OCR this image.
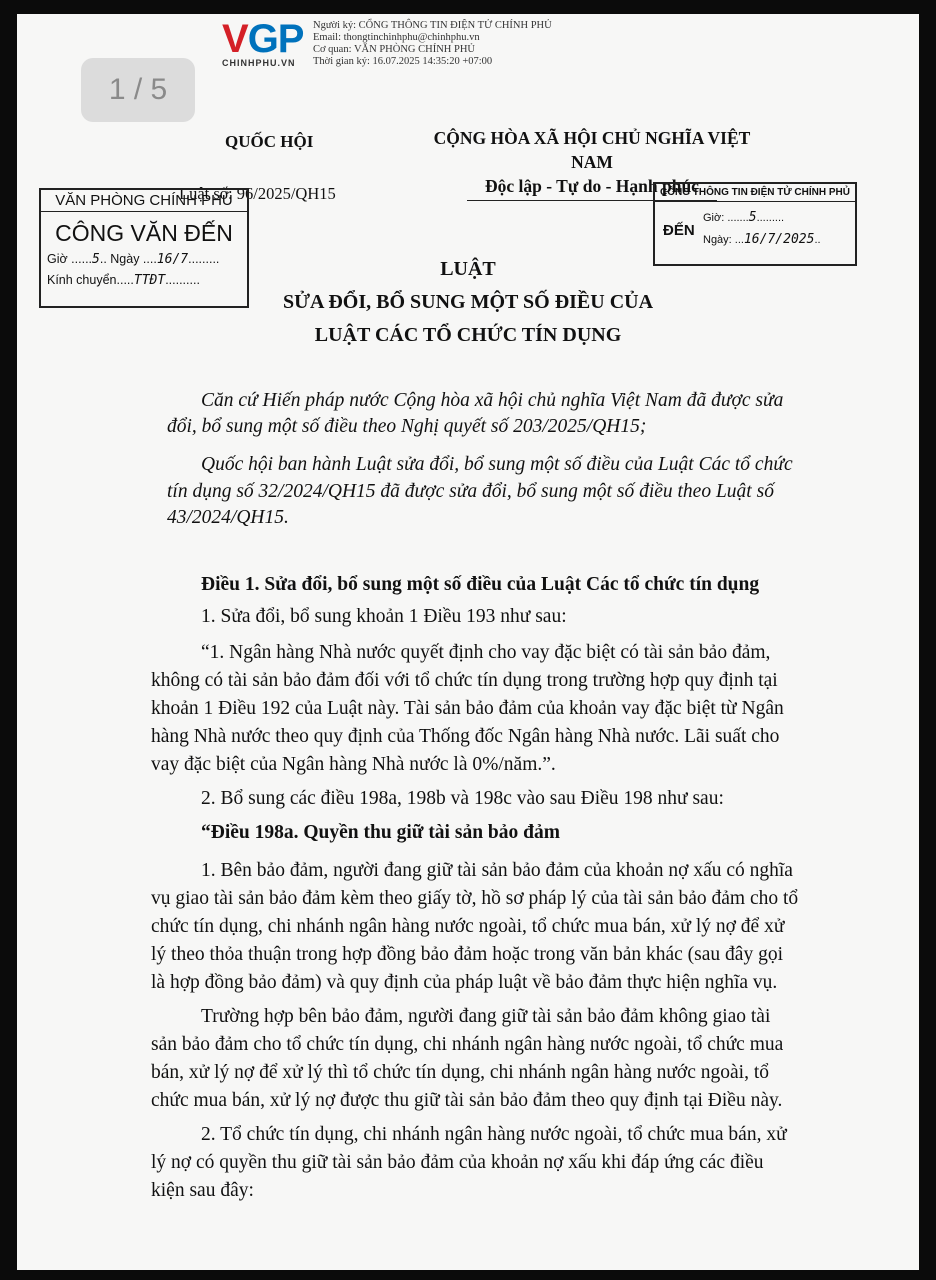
VGP
CHINHPHU.VN
Người ký: CỔNG THÔNG TIN ĐIỆN TỬ CHÍNH PHỦ
Email: thongtinchinhphu@chinhphu.vn
Cơ quan: VĂN PHÒNG CHÍNH PHỦ
Thời gian ký: 16.07.2025 14:35:20 +07:00
QUỐC HỘI	CỘNG HÒA XÃ HỘI CHỦ NGHĨA VIỆT NAM
Độc lập - Tự do - Hạnh phúc
Luật số: 96/2025/QH15
VĂN PHÒNG CHÍNH PHỦ
CÔNG VĂN ĐẾN
Giờ ......5.. Ngày ....16/7.........
Kính chuyển.....TTĐT..........
CỔNG THÔNG TIN ĐIỆN TỬ CHÍNH PHỦ
ĐẾN
Giờ: .......5.........
Ngày: ...16/7/2025..
LUẬT
SỬA ĐỔI, BỔ SUNG MỘT SỐ ĐIỀU CỦA
LUẬT CÁC TỔ CHỨC TÍN DỤNG
Căn cứ Hiến pháp nước Cộng hòa xã hội chủ nghĩa Việt Nam đã được sửa
đổi, bổ sung một số điều theo Nghị quyết số 203/2025/QH15;
Quốc hội ban hành Luật sửa đổi, bổ sung một số điều của Luật Các tổ chức
tín dụng số 32/2024/QH15 đã được sửa đổi, bổ sung một số điều theo Luật số
43/2024/QH15.
Điều 1. Sửa đổi, bổ sung một số điều của Luật Các tổ chức tín dụng
1. Sửa đổi, bổ sung khoản 1 Điều 193 như sau:
“1. Ngân hàng Nhà nước quyết định cho vay đặc biệt có tài sản bảo đảm,
không có tài sản bảo đảm đối với tổ chức tín dụng trong trường hợp quy định tại
khoản 1 Điều 192 của Luật này. Tài sản bảo đảm của khoản vay đặc biệt từ Ngân
hàng Nhà nước theo quy định của Thống đốc Ngân hàng Nhà nước. Lãi suất cho
vay đặc biệt của Ngân hàng Nhà nước là 0%/năm.”.
2. Bổ sung các điều 198a, 198b và 198c vào sau Điều 198 như sau:
“Điều 198a. Quyền thu giữ tài sản bảo đảm
1. Bên bảo đảm, người đang giữ tài sản bảo đảm của khoản nợ xấu có nghĩa
vụ giao tài sản bảo đảm kèm theo giấy tờ, hồ sơ pháp lý của tài sản bảo đảm cho tổ
chức tín dụng, chi nhánh ngân hàng nước ngoài, tổ chức mua bán, xử lý nợ để xử
lý theo thỏa thuận trong hợp đồng bảo đảm hoặc trong văn bản khác (sau đây gọi
là hợp đồng bảo đảm) và quy định của pháp luật về bảo đảm thực hiện nghĩa vụ.
Trường hợp bên bảo đảm, người đang giữ tài sản bảo đảm không giao tài
sản bảo đảm cho tổ chức tín dụng, chi nhánh ngân hàng nước ngoài, tổ chức mua
bán, xử lý nợ để xử lý thì tổ chức tín dụng, chi nhánh ngân hàng nước ngoài, tổ
chức mua bán, xử lý nợ được thu giữ tài sản bảo đảm theo quy định tại Điều này.
2. Tổ chức tín dụng, chi nhánh ngân hàng nước ngoài, tổ chức mua bán, xử
lý nợ có quyền thu giữ tài sản bảo đảm của khoản nợ xấu khi đáp ứng các điều
kiện sau đây:
1 / 5
